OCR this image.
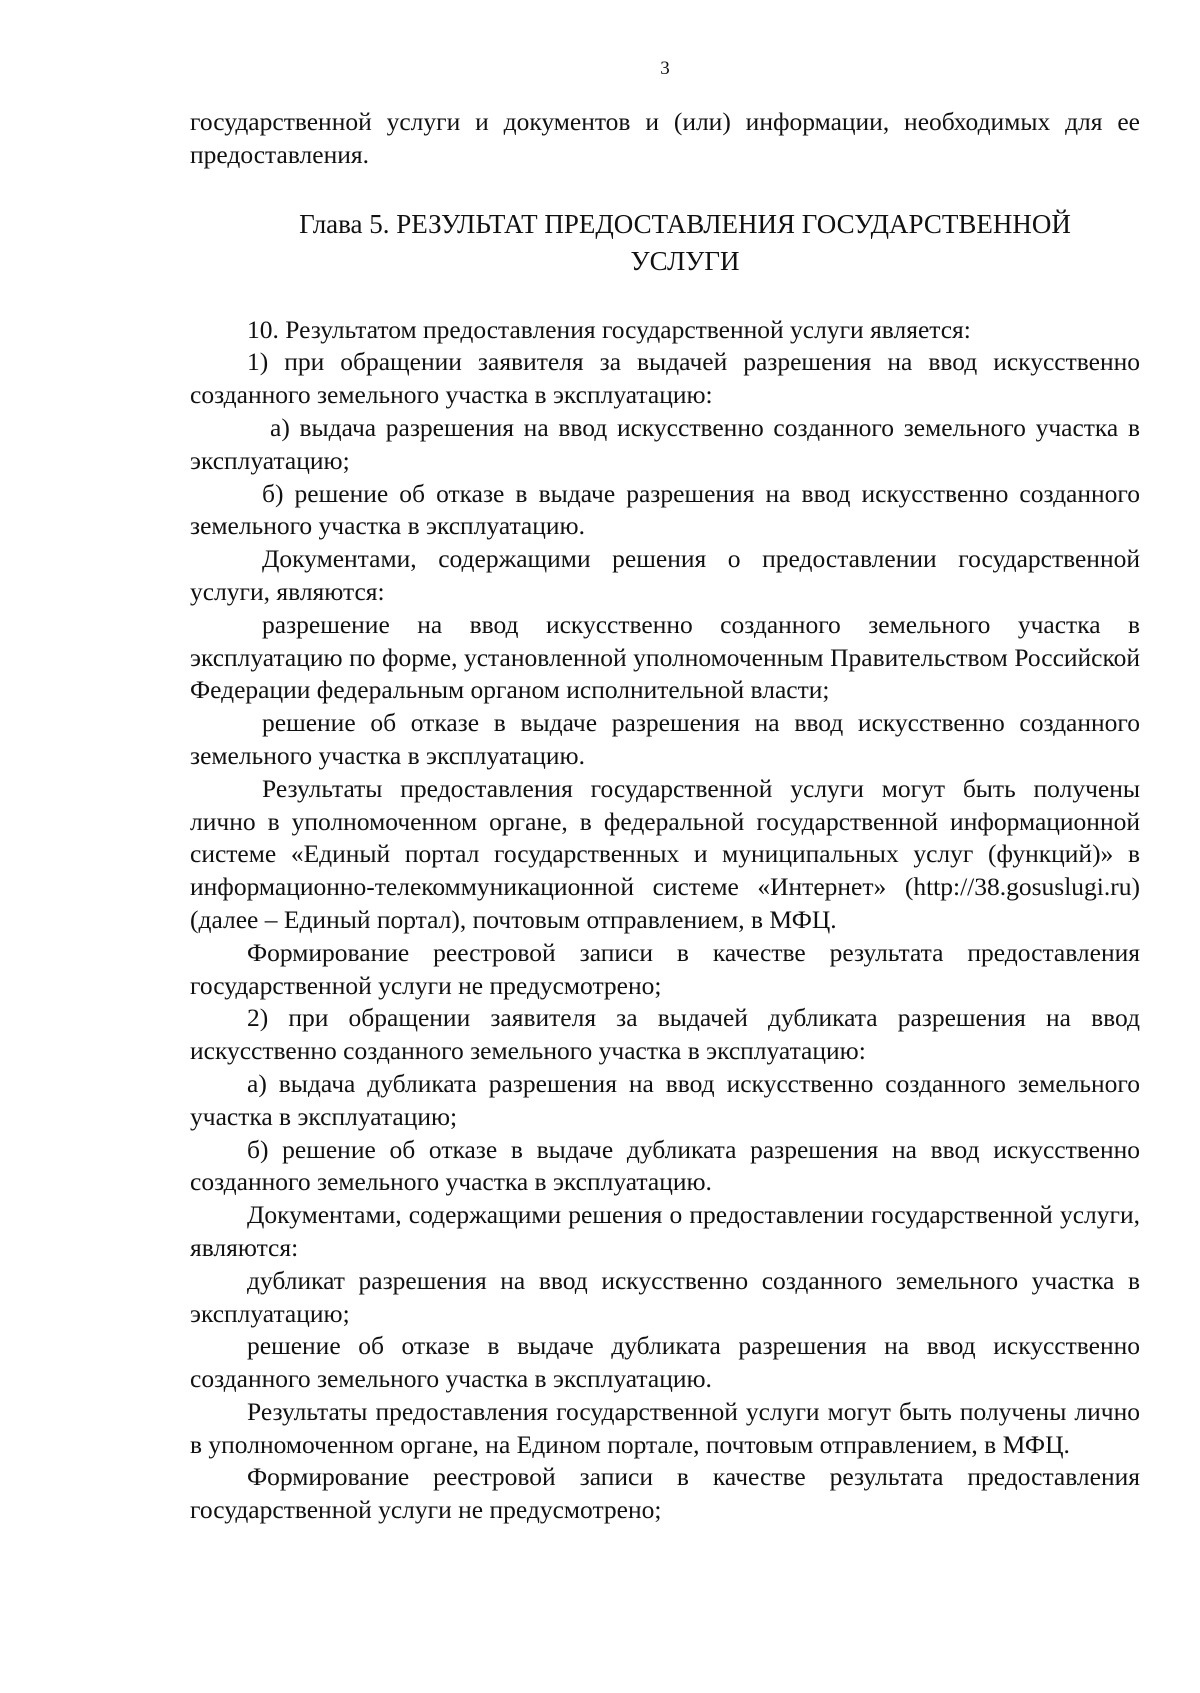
3

государственной услуги и документов и (или) информации, необходимых для ее предоставления.

Глава 5. РЕЗУЛЬТАТ ПРЕДОСТАВЛЕНИЯ ГОСУДАРСТВЕННОЙ
УСЛУГИ

10. Результатом предоставления государственной услуги является:

1) при обращении заявителя за выдачей разрешения на ввод искусственно созданного земельного участка в эксплуатацию:

а) выдача разрешения на ввод искусственно созданного земельного участка в эксплуатацию;

б) решение об отказе в выдаче разрешения на ввод искусственно созданного земельного участка в эксплуатацию.

Документами, содержащими решения о предоставлении государственной услуги, являются:

разрешение на ввод искусственно созданного земельного участка в эксплуатацию по форме, установленной уполномоченным Правительством Российской Федерации федеральным органом исполнительной власти;

решение об отказе в выдаче разрешения на ввод искусственно созданного земельного участка в эксплуатацию.

Результаты предоставления государственной услуги могут быть получены лично в уполномоченном органе, в федеральной государственной информационной системе «Единый портал государственных и муниципальных услуг (функций)» в информационно-телекоммуникационной системе «Интернет» (http://38.gosuslugi.ru) (далее – Единый портал), почтовым отправлением, в МФЦ.

Формирование реестровой записи в качестве результата предоставления государственной услуги не предусмотрено;

2) при обращении заявителя за выдачей дубликата разрешения на ввод искусственно созданного земельного участка в эксплуатацию:

а) выдача дубликата разрешения на ввод искусственно созданного земельного участка в эксплуатацию;

б) решение об отказе в выдаче дубликата разрешения на ввод искусственно созданного земельного участка в эксплуатацию.

Документами, содержащими решения о предоставлении государственной услуги, являются:

дубликат разрешения на ввод искусственно созданного земельного участка в эксплуатацию;

решение об отказе в выдаче дубликата разрешения на ввод искусственно созданного земельного участка в эксплуатацию.

Результаты предоставления государственной услуги могут быть получены лично в уполномоченном органе, на Едином портале, почтовым отправлением, в МФЦ.

Формирование реестровой записи в качестве результата предоставления государственной услуги не предусмотрено;
